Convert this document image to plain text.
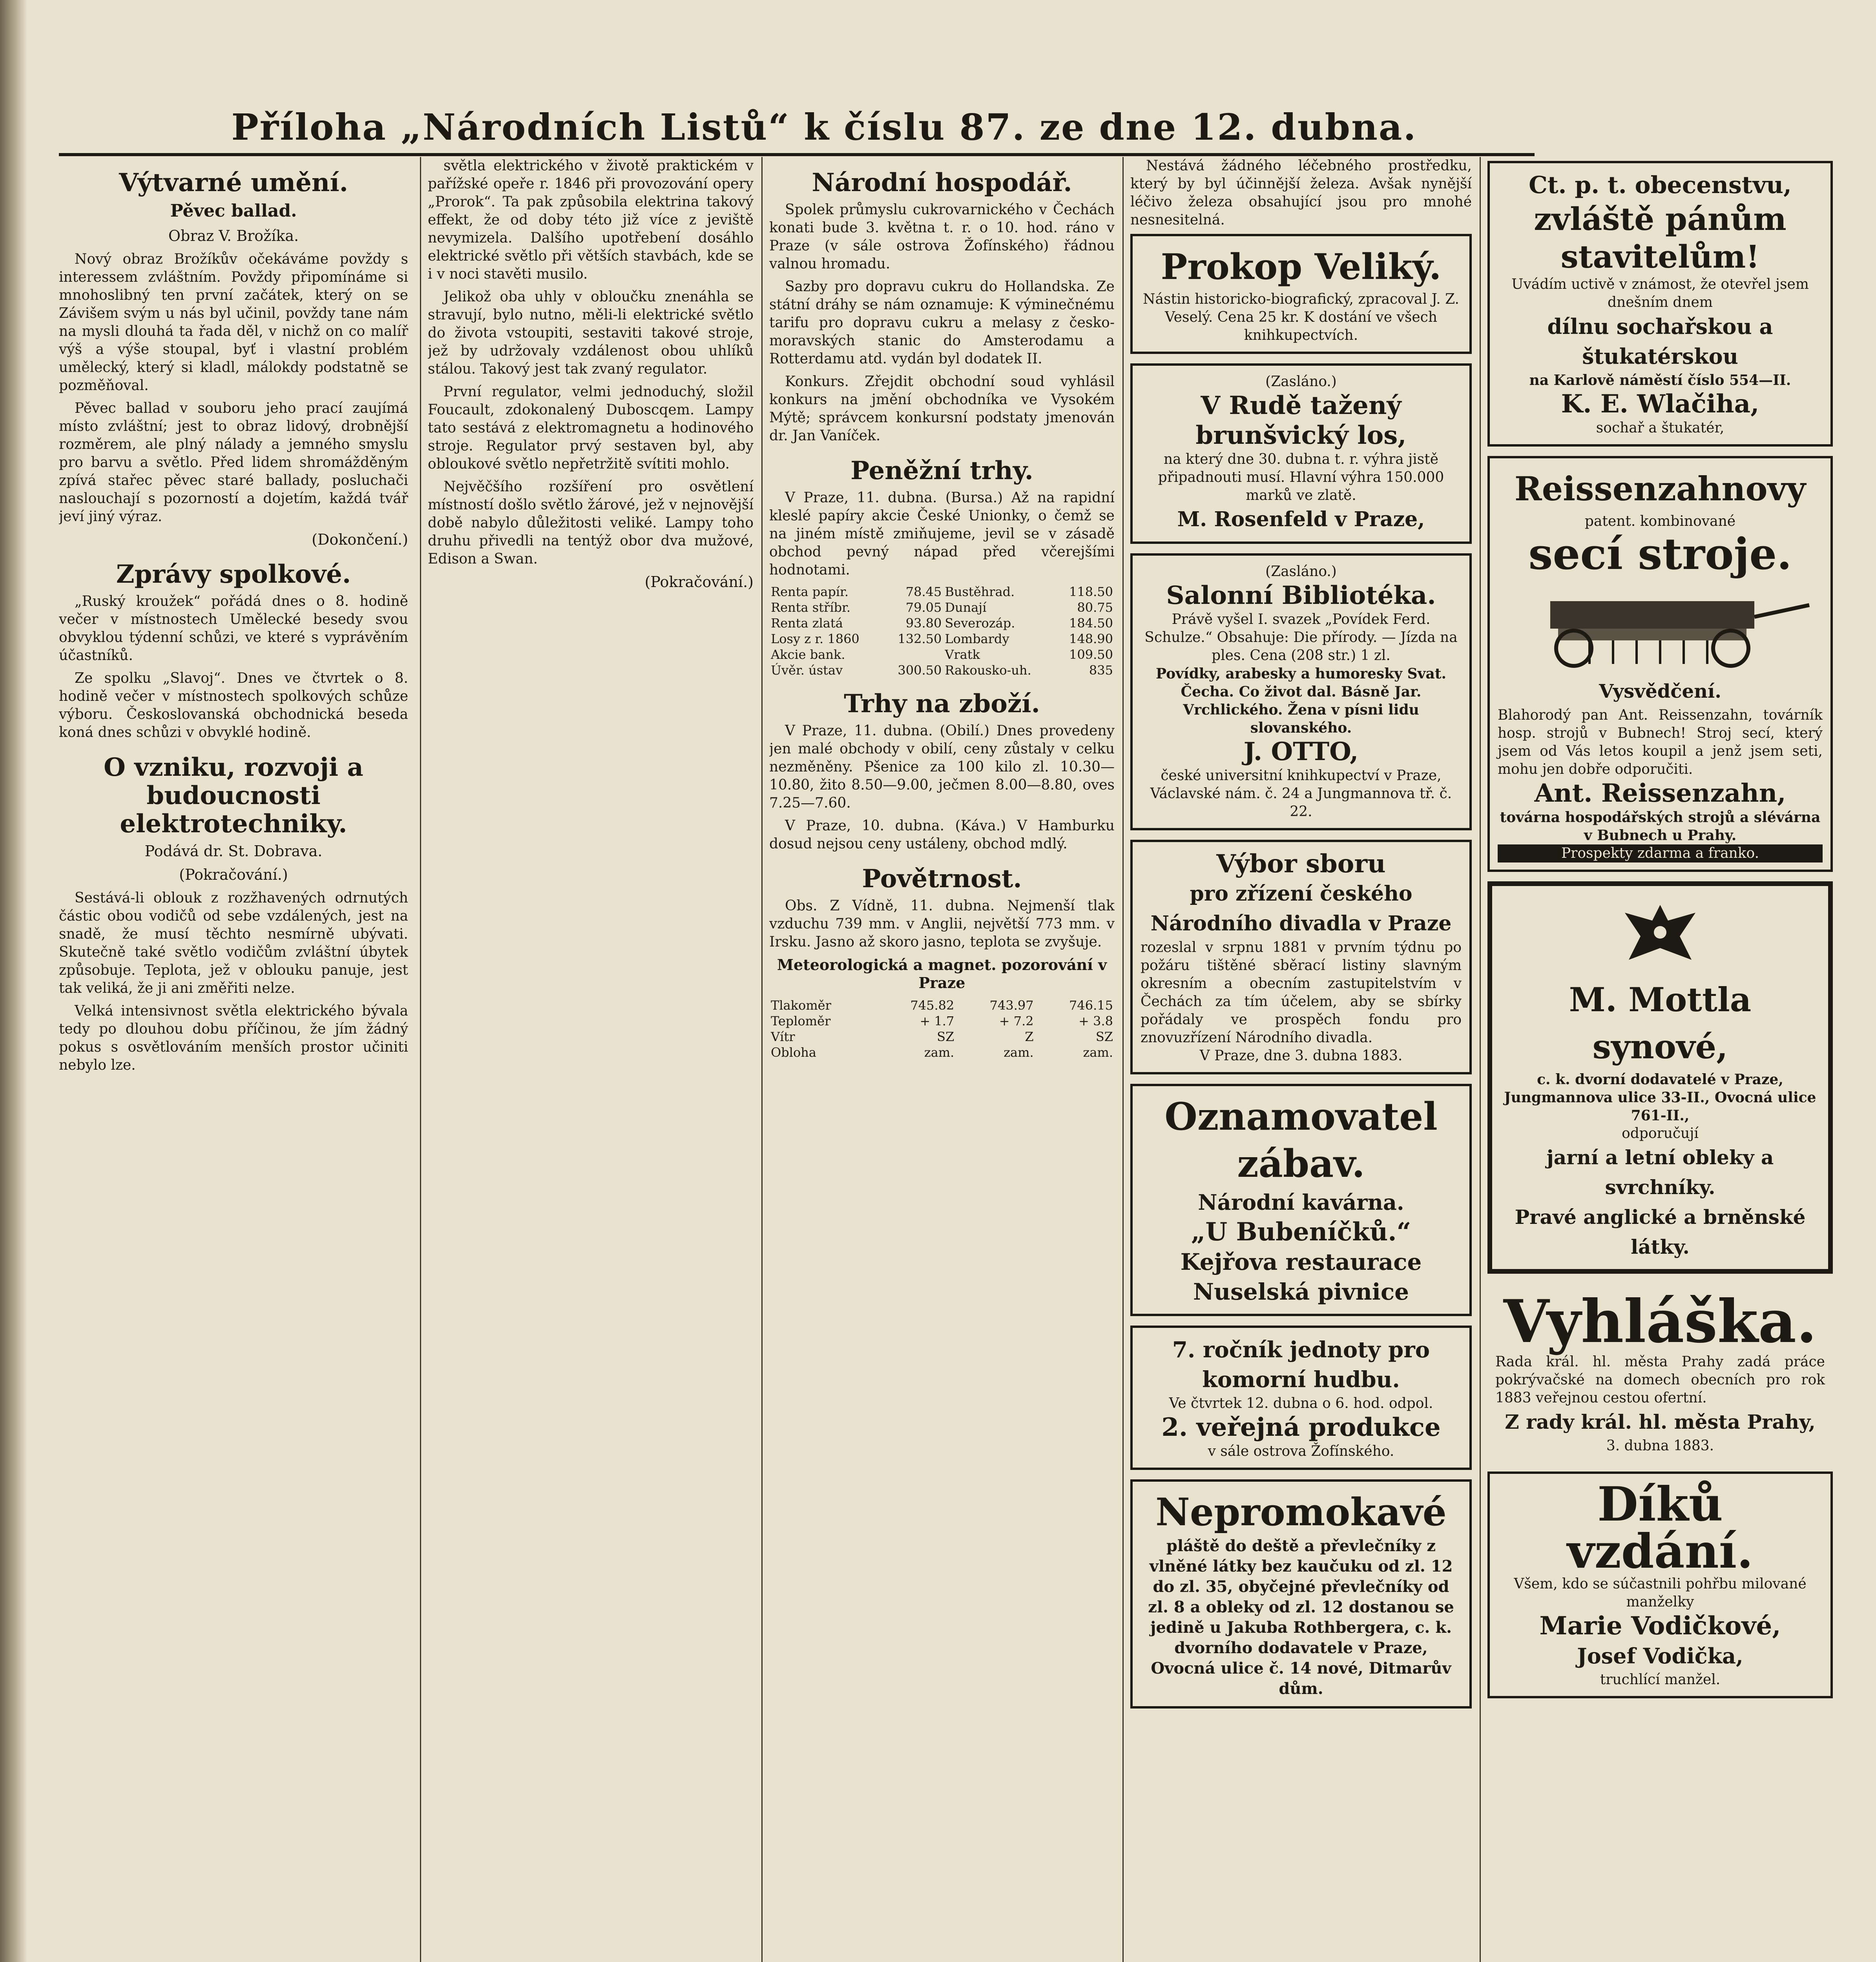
Příloha „Národních Listů“ k číslu 87. ze dne 12. dubna.
Výtvarné umění.
Pěvec ballad.
Obraz V. Brožíka.

Nový obraz Brožíkův očekáváme povždy s interessem zvláštním. Povždy připomínáme si mnohoslibný ten první začátek, který on se Závišem svým u nás byl učinil, povždy tane nám na mysli dlouhá ta řada děl, v nichž on co malíř výš a výše stoupal, byť i vlastní problém umělecký, který si kladl, málokdy podstatně se pozměňoval.

Pěvec ballad v souboru jeho prací zaujímá místo zvláštní; jest to obraz lidový, drobnější rozměrem, ale plný nálady a jemného smyslu pro barvu a světlo. Před lidem shromážděným zpívá stařec pěvec staré ballady, posluchači naslouchají s pozorností a dojetím, každá tvář jeví jiný výraz.

(Dokončení.)
Zprávy spolkové.

„Ruský kroužek“ pořádá dnes o 8. hodině večer v místnostech Umělecké besedy svou obvyklou týdenní schůzi, ve které s vyprávěním účastníků.

Ze spolku „Slavoj“. Dnes ve čtvrtek o 8. hodině večer v místnostech spolkových schůze výboru. Českoslovanská obchodnická beseda koná dnes schůzi v obvyklé hodině.

O vzniku, rozvoji a budoucnosti elektrotechniky.
Podává dr. St. Dobrava.
(Pokračování.)

Sestává-li oblouk z rozžhavených odrnutých částic obou vodičů od sebe vzdálených, jest na snadě, že musí těchto nesmírně ubývati. Skutečně také světlo vodičům zvláštní úbytek způsobuje. Teplota, jež v oblouku panuje, jest tak veliká, že ji ani změřiti nelze.

Velká intensivnost světla elektrického bývala tedy po dlouhou dobu příčinou, že jím žádný pokus s osvětlováním menších prostor učiniti nebylo lze.

světla elektrického v životě praktickém v pařížské opeře r. 1846 při provozování opery „Prorok“. Ta pak způsobila elektrina takový effekt, že od doby této již více z jeviště nevymizela. Dalšího upotřebení dosáhlo elektrické světlo při větších stavbách, kde se i v noci stavěti musilo.

Jelikož oba uhly v obloučku znenáhla se stravují, bylo nutno, měli-li elektrické světlo do života vstoupiti, sestaviti takové stroje, jež by udržovaly vzdálenost obou uhlíků stálou. Takový jest tak zvaný regulator.

První regulator, velmi jednoduchý, složil Foucault, zdokonalený Duboscqem. Lampy tato sestává z elektromagnetu a hodinového stroje. Regulator prvý sestaven byl, aby obloukové světlo nepřetržitě svítiti mohlo.

Nejvěčšího rozšíření pro osvětlení místností došlo světlo žárové, jež v nejnovější době nabylo důležitosti veliké. Lampy toho druhu přivedli na tentýž obor dva mužové, Edison a Swan.

(Pokračování.)
Národní hospodář.

Spolek průmyslu cukrovarnického v Čechách konati bude 3. května t. r. o 10. hod. ráno v Praze (v sále ostrova Žofínského) řádnou valnou hromadu.

Sazby pro dopravu cukru do Hollandska. Ze státní dráhy se nám oznamuje: K výminečnému tarifu pro dopravu cukru a melasy z česko-moravských stanic do Amsterodamu a Rotterdamu atd. vydán byl dodatek II.

Konkurs. Zřejdit obchodní soud vyhlásil konkurs na jmění obchodníka ve Vysokém Mýtě; správcem konkursní podstaty jmenován dr. Jan Vaníček.

Peněžní trhy.

V Praze, 11. dubna. (Bursa.) Až na rapidní kleslé papíry akcie České Unionky, o čemž se na jiném místě zmiňujeme, jevil se v zásadě obchod pevný nápad před včerejšími hodnotami.

Renta papír.	78.45	Bustěhrad.	118.50
Renta stříbr.	79.05	Dunají	80.75
Renta zlatá	93.80	Severozáp.	184.50
Losy z r. 1860	132.50	Lombardy	148.90
Akcie bank.		Vratk	109.50
Úvěr. ústav	300.50	Rakousko-uh.	835
Trhy na zboží.

V Praze, 11. dubna. (Obilí.) Dnes provedeny jen malé obchody v obilí, ceny zůstaly v celku nezměněny. Pšenice za 100 kilo zl. 10.30—10.80, žito 8.50—9.00, ječmen 8.00—8.80, oves 7.25—7.60.

V Praze, 10. dubna. (Káva.) V Hamburku dosud nejsou ceny ustáleny, obchod mdlý.

Povětrnost.

Obs. Z Vídně, 11. dubna. Nejmenší tlak vzduchu 739 mm. v Anglii, největší 773 mm. v Irsku. Jasno až skoro jasno, teplota se zvyšuje.

Meteorologická a magnet. pozorování v Praze
Tlakoměr	745.82	743.97	746.15
Teploměr	+ 1.7	+ 7.2	+ 3.8
Vítr	SZ	Z	SZ
Obloha	zam.	zam.	zam.

Nestává žádného léčebného prostředku, který by byl účinnější železa. Avšak nynější léčivo železa obsahující jsou pro mnohé nesnesitelná.

Prokop Veliký.
Nástin historicko-biografický, zpracoval J. Z. Veselý. Cena 25 kr. K dostání ve všech knihkupectvích.
(Zasláno.)
V Rudě tažený brunšvický los,
na který dne 30. dubna t. r. výhra jistě připadnouti musí. Hlavní výhra 150.000 marků ve zlatě.
M. Rosenfeld v Praze,
(Zasláno.)
Salonní Bibliotéka.
Právě vyšel I. svazek „Povídek Ferd. Schulze.“ Obsahuje: Die přírody. — Jízda na ples. Cena (208 str.) 1 zl.
Povídky, arabesky a humoresky Svat. Čecha. Co život dal. Básně Jar. Vrchlického. Žena v písni lidu slovanského.
J. OTTO,
české universitní knihkupectví v Praze, Václavské nám. č. 24 a Jungmannova tř. č. 22.
Výbor sboru
pro zřízení českého Národního divadla v Praze
rozeslal v srpnu 1881 v prvním týdnu po požáru tištěné sběrací listiny slavným okresním a obecním zastupitelstvím v Čechách za tím účelem, aby se sbírky pořádaly ve prospěch fondu pro znovuzřízení Národního divadla.
V Praze, dne 3. dubna 1883.
Oznamovatel zábav.
Národní kavárna.
„U Bubeníčků.“
Kejřova restaurace
Nuselská pivnice
7. ročník jednoty pro komorní hudbu.
Ve čtvrtek 12. dubna o 6. hod. odpol.
2. veřejná produkce
v sále ostrova Žofínského.
Nepromokavé
pláště do deště a převlečníky z vlněné látky bez kaučuku od zl. 12 do zl. 35, obyčejné převlečníky od zl. 8 a obleky od zl. 12 dostanou se jedině u Jakuba Rothbergera, c. k. dvorního dodavatele v Praze, Ovocná ulice č. 14 nové, Ditmarův dům.
Ct. p. t. obecenstvu,
zvláště pánům stavitelům!
Uvádím uctivě v známost, že otevřel jsem dnešním dnem
dílnu sochařskou a štukatérskou
na Karlově náměstí číslo 554—II.
K. E. Wlačiha,
sochař a štukatér,
Reissenzahnovy
patent. kombinované
secí stroje.
Vysvědčení.
Blahorodý pan Ant. Reissenzahn, továrník hosp. strojů v Bubnech! Stroj secí, který jsem od Vás letos koupil a jenž jsem seti, mohu jen dobře odporučiti.
Ant. Reissenzahn,
továrna hospodářských strojů a slévárna v Bubnech u Prahy.
Prospekty zdarma a franko.
M. Mottla synové,
c. k. dvorní dodavatelé v Praze,
Jungmannova ulice 33-II., Ovocná ulice 761-II.,
odporučují
jarní a letní obleky a svrchníky.
Pravé anglické a brněnské látky.
Vyhláška.
Rada král. hl. města Prahy zadá práce pokrývačské na domech obecních pro rok 1883 veřejnou cestou ofertní.
Z rady král. hl. města Prahy,
3. dubna 1883.
Díků vzdání.
Všem, kdo se súčastnili pohřbu milované manželky
Marie Vodičkové,
Josef Vodička,
truchlící manžel.
